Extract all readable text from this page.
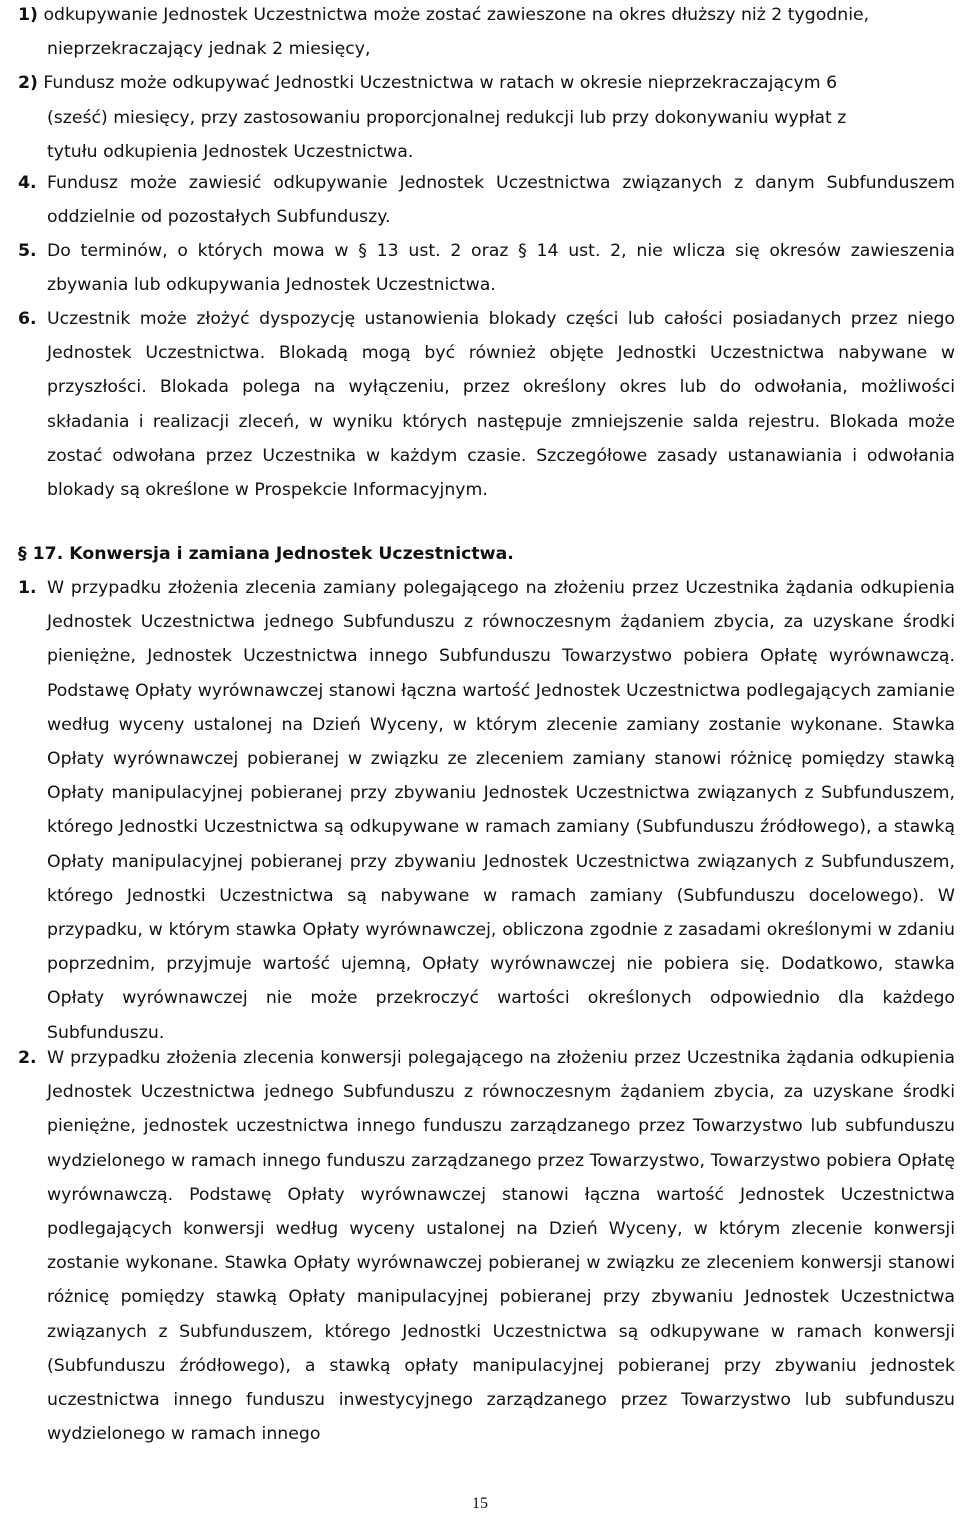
1) odkupywanie Jednostek Uczestnictwa może zostać zawieszone na okres dłuższy niż 2 tygodnie,
nieprzekraczający jednak 2 miesięcy,
2) Fundusz może odkupywać Jednostki Uczestnictwa w ratach w okresie nieprzekraczającym 6
(sześć) miesięcy, przy zastosowaniu proporcjonalnej redukcji lub przy dokonywaniu wypłat z
tytułu odkupienia Jednostek Uczestnictwa.
4. Fundusz może zawiesić odkupywanie Jednostek Uczestnictwa związanych z danym Subfunduszem oddzielnie od pozostałych Subfunduszy.
5. Do terminów, o których mowa w § 13 ust. 2 oraz § 14 ust. 2, nie wlicza się okresów zawieszenia zbywania lub odkupywania Jednostek Uczestnictwa.
6. Uczestnik może złożyć dyspozycję ustanowienia blokady części lub całości posiadanych przez niego Jednostek Uczestnictwa. Blokadą mogą być również objęte Jednostki Uczestnictwa nabywane w przyszłości. Blokada polega na wyłączeniu, przez określony okres lub do odwołania, możliwości składania i realizacji zleceń, w wyniku których następuje zmniejszenie salda rejestru. Blokada może zostać odwołana przez Uczestnika w każdym czasie. Szczegółowe zasady ustanawiania i odwołania blokady są określone w Prospekcie Informacyjnym.
§ 17. Konwersja i zamiana Jednostek Uczestnictwa.
1. W przypadku złożenia zlecenia zamiany polegającego na złożeniu przez Uczestnika żądania odkupienia Jednostek Uczestnictwa jednego Subfunduszu z równoczesnym żądaniem zbycia, za uzyskane środki pieniężne, Jednostek Uczestnictwa innego Subfunduszu Towarzystwo pobiera Opłatę wyrównawczą. Podstawę Opłaty wyrównawczej stanowi łączna wartość Jednostek Uczestnictwa podlegających zamianie według wyceny ustalonej na Dzień Wyceny, w którym zlecenie zamiany zostanie wykonane. Stawka Opłaty wyrównawczej pobieranej w związku ze zleceniem zamiany stanowi różnicę pomiędzy stawką Opłaty manipulacyjnej pobieranej przy zbywaniu Jednostek Uczestnictwa związanych z Subfunduszem, którego Jednostki Uczestnictwa są odkupywane w ramach zamiany (Subfunduszu źródłowego), a stawką Opłaty manipulacyjnej pobieranej przy zbywaniu Jednostek Uczestnictwa związanych z Subfunduszem, którego Jednostki Uczestnictwa są nabywane w ramach zamiany (Subfunduszu docelowego). W przypadku, w którym stawka Opłaty wyrównawczej, obliczona zgodnie z zasadami określonymi w zdaniu poprzednim, przyjmuje wartość ujemną, Opłaty wyrównawczej nie pobiera się. Dodatkowo, stawka Opłaty wyrównawczej nie może przekroczyć wartości określonych odpowiednio dla każdego Subfunduszu.
2. W przypadku złożenia zlecenia konwersji polegającego na złożeniu przez Uczestnika żądania odkupienia Jednostek Uczestnictwa jednego Subfunduszu z równoczesnym żądaniem zbycia, za uzyskane środki pieniężne, jednostek uczestnictwa innego funduszu zarządzanego przez Towarzystwo lub subfunduszu wydzielonego w ramach innego funduszu zarządzanego przez Towarzystwo, Towarzystwo pobiera Opłatę wyrównawczą. Podstawę Opłaty wyrównawczej stanowi łączna wartość Jednostek Uczestnictwa podlegających konwersji według wyceny ustalonej na Dzień Wyceny, w którym zlecenie konwersji zostanie wykonane. Stawka Opłaty wyrównawczej pobieranej w związku ze zleceniem konwersji stanowi różnicę pomiędzy stawką Opłaty manipulacyjnej pobieranej przy zbywaniu Jednostek Uczestnictwa związanych z Subfunduszem, którego Jednostki Uczestnictwa są odkupywane w ramach konwersji (Subfunduszu źródłowego), a stawką opłaty manipulacyjnej pobieranej przy zbywaniu jednostek uczestnictwa innego funduszu inwestycyjnego zarządzanego przez Towarzystwo lub subfunduszu wydzielonego w ramach innego
15
